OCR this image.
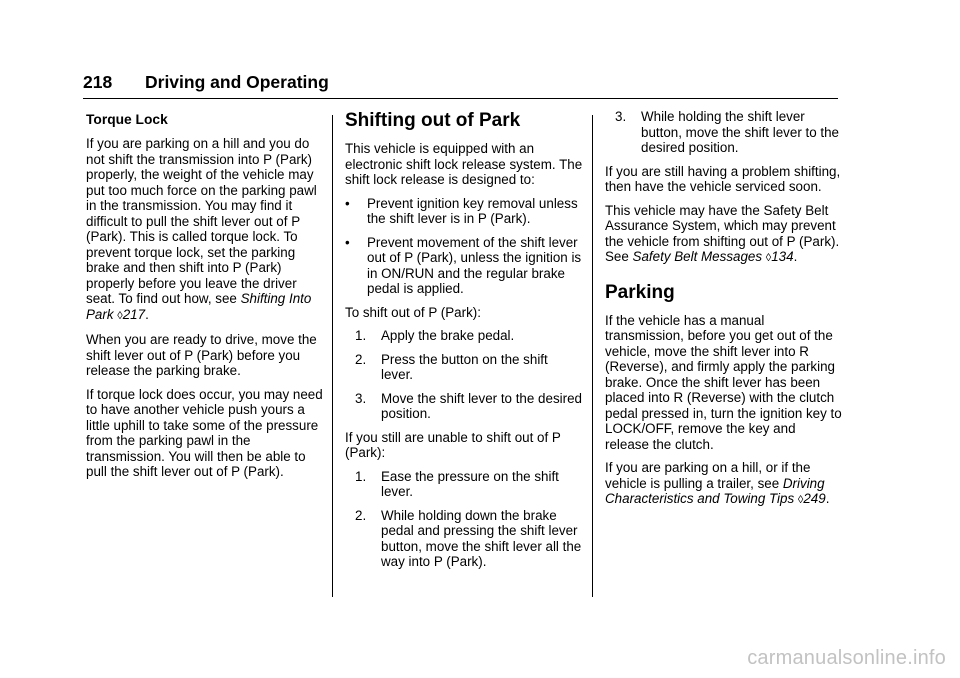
218 Driving and Operating
Torque Lock

If you are parking on a hill and you do not shift the transmission into P (Park) properly, the weight of the vehicle may put too much force on the parking pawl in the transmission. You may find it difficult to pull the shift lever out of P (Park). This is called torque lock. To prevent torque lock, set the parking brake and then shift into P (Park) properly before you leave the driver seat. To find out how, see Shifting Into Park ◊217.

When you are ready to drive, move the shift lever out of P (Park) before you release the parking brake.

If torque lock does occur, you may need to have another vehicle push yours a little uphill to take some of the pressure from the parking pawl in the transmission. You will then be able to pull the shift lever out of P (Park).

Shifting out of Park

This vehicle is equipped with an electronic shift lock release system. The shift lock release is designed to:

• Prevent ignition key removal unless the shift lever is in P (Park).
• Prevent movement of the shift lever out of P (Park), unless the ignition is in ON/RUN and the regular brake pedal is applied.

To shift out of P (Park):

1. Apply the brake pedal.
2. Press the button on the shift lever.
3. Move the shift lever to the desired position.

If you still are unable to shift out of P (Park):

1. Ease the pressure on the shift lever.
2. While holding down the brake pedal and pressing the shift lever button, move the shift lever all the way into P (Park).
3. While holding the shift lever button, move the shift lever to the desired position.

If you are still having a problem shifting, then have the vehicle serviced soon.

This vehicle may have the Safety Belt Assurance System, which may prevent the vehicle from shifting out of P (Park). See Safety Belt Messages ◊134.

Parking

If the vehicle has a manual transmission, before you get out of the vehicle, move the shift lever into R (Reverse), and firmly apply the parking brake. Once the shift lever has been placed into R (Reverse) with the clutch pedal pressed in, turn the ignition key to LOCK/OFF, remove the key and release the clutch.

If you are parking on a hill, or if the vehicle is pulling a trailer, see Driving Characteristics and Towing Tips ◊249.

carmanualsonline.info
